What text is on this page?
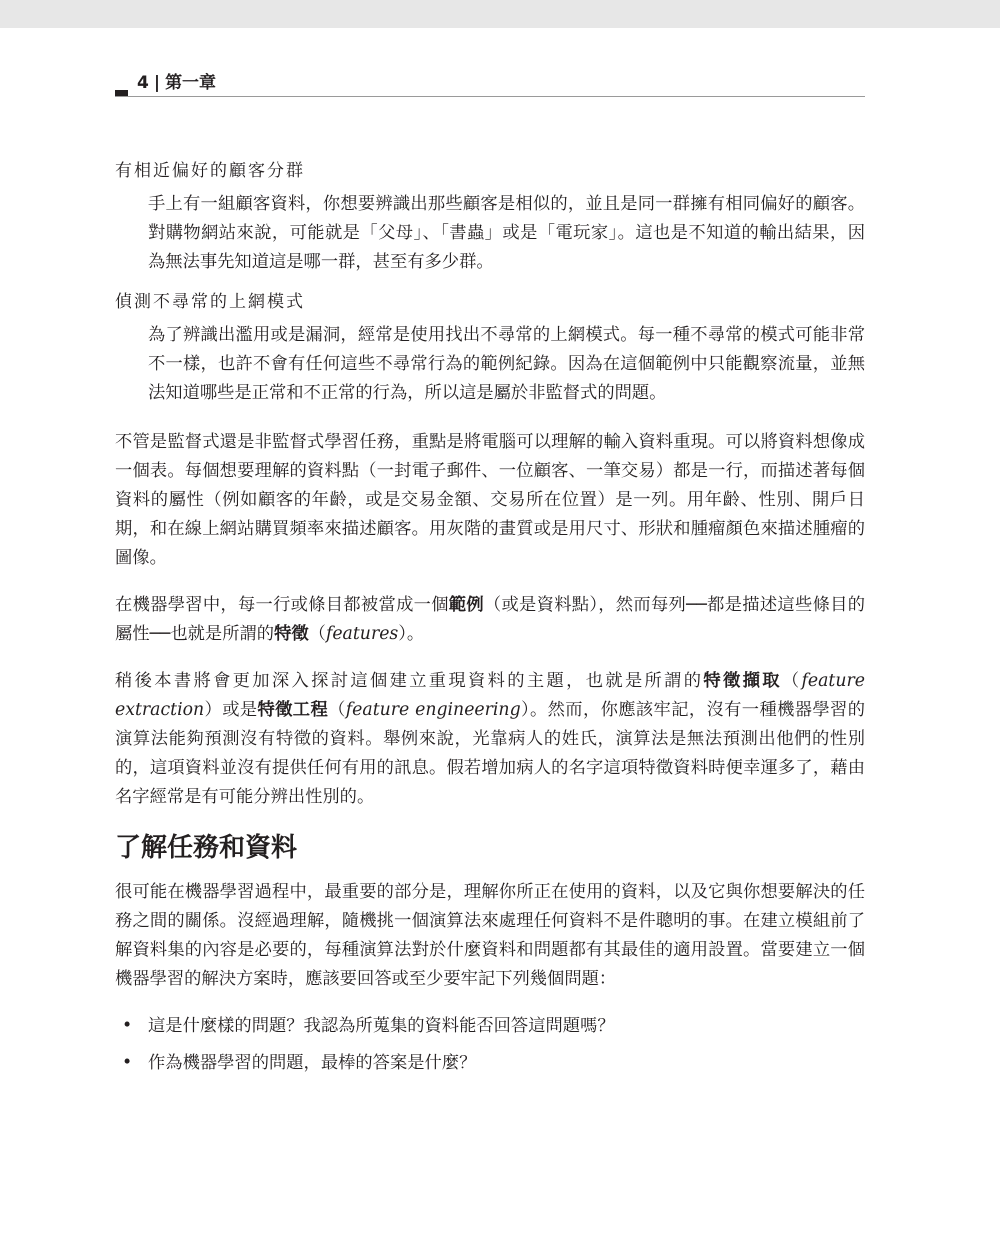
4 | 第一章

有相近偏好的顧客分群

手上有一組顧客資料，你想要辨識出那些顧客是相似的，並且是同一群擁有相同偏好的顧客。對購物網站來說，可能就是「父母」、「書蟲」或是「電玩家」。這也是不知道的輸出結果，因為無法事先知道這是哪一群，甚至有多少群。

偵測不尋常的上網模式

為了辨識出濫用或是漏洞，經常是使用找出不尋常的上網模式。每一種不尋常的模式可能非常不一樣，也許不會有任何這些不尋常行為的範例紀錄。因為在這個範例中只能觀察流量，並無法知道哪些是正常和不正常的行為，所以這是屬於非監督式的問題。

不管是監督式還是非監督式學習任務，重點是將電腦可以理解的輸入資料重現。可以將資料想像成一個表。每個想要理解的資料點（一封電子郵件、一位顧客、一筆交易）都是一行，而描述著每個資料的屬性（例如顧客的年齡，或是交易金額、交易所在位置）是一列。用年齡、性別、開戶日期，和在線上網站購買頻率來描述顧客。用灰階的畫質或是用尺寸、形狀和腫瘤顏色來描述腫瘤的圖像。

在機器學習中，每一行或條目都被當成一個範例（或是資料點），然而每列──都是描述這些條目的屬性──也就是所謂的特徵（features）。

稍後本書將會更加深入探討這個建立重現資料的主題，也就是所謂的特徵擷取（feature extraction）或是特徵工程（feature engineering）。然而，你應該牢記，沒有一種機器學習的演算法能夠預測沒有特徵的資料。舉例來說，光靠病人的姓氏，演算法是無法預測出他們的性別的，這項資料並沒有提供任何有用的訊息。假若增加病人的名字這項特徵資料時便幸運多了，藉由名字經常是有可能分辨出性別的。

了解任務和資料

很可能在機器學習過程中，最重要的部分是，理解你所正在使用的資料，以及它與你想要解決的任務之間的關係。沒經過理解，隨機挑一個演算法來處理任何資料不是件聰明的事。在建立模組前了解資料集的內容是必要的，每種演算法對於什麼資料和問題都有其最佳的適用設置。當要建立一個機器學習的解決方案時，應該要回答或至少要牢記下列幾個問題：

• 這是什麼樣的問題？我認為所蒐集的資料能否回答這問題嗎？
• 作為機器學習的問題，最棒的答案是什麼？
